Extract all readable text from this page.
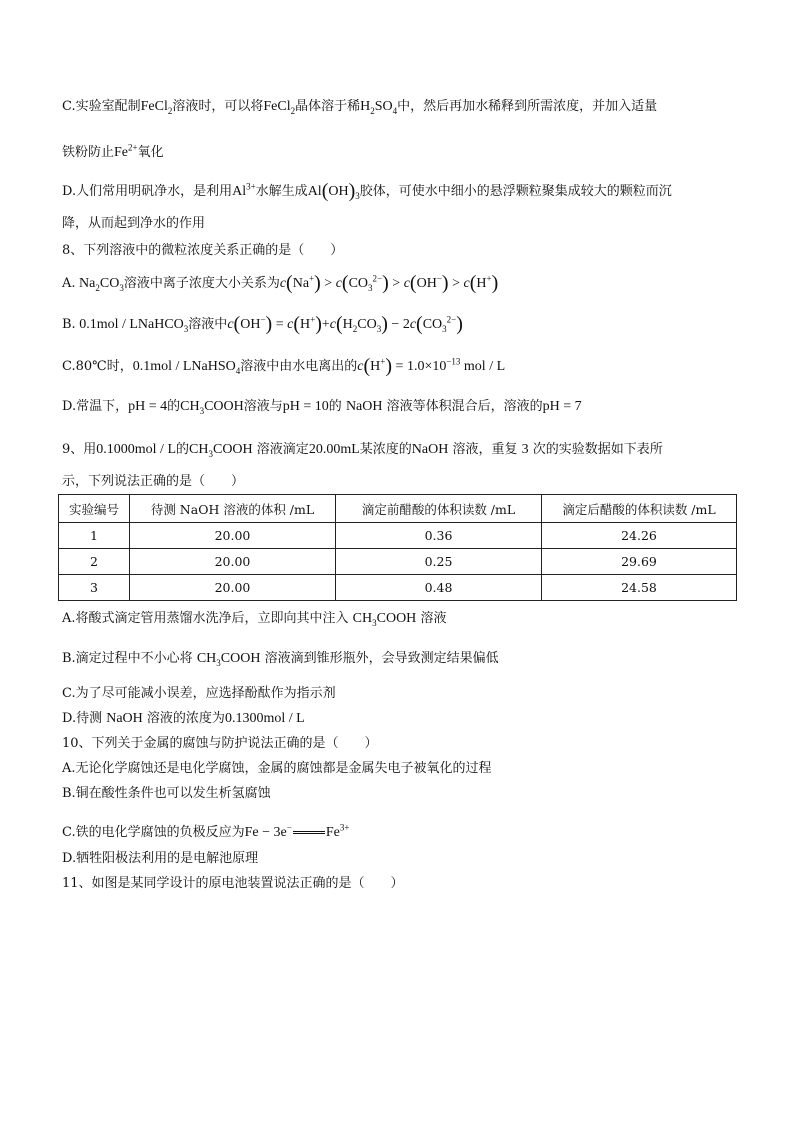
C.实验室配制FeCl$_2$溶液时，可以将FeCl$_2$晶体溶于稀$H_2SO_4$中，然后再加水稀释到所需浓度，并加入适量
铁粉防止$Fe^{2+}$氧化
D.人们常用明矾净水，是利用$Al^{3+}$水解生成$Al(OH)_3$胶体，可使水中细小的悬浮颗粒聚集成较大的颗粒而沉
降，从而起到净水的作用
8、下列溶液中的微粒浓度关系正确的是（　　）
A. $Na_2CO_3$溶液中离子浓度大小关系为$c(Na^+) > c(CO_3^{2-}) > c(OH^-) > c(H^+)$
B. 0.1mol / LNaHCO$_3$溶液中$c(OH^-) = c(H^+)+c(H_2CO_3) - 2c(CO_3^{2-})$
C.80℃时，0.1mol / LNaHSO$_4$溶液中由水电离出的$c(H^+) = 1.0\times 10^{-13}$ mol / L
D.常温下，pH = 4的$CH_3COOH$溶液与pH = 10的 NaOH 溶液等体积混合后，溶液的pH = 7
9、用0.1000mol / L的$CH_3COOH$ 溶液滴定20.00mL某浓度的NaOH 溶液，重复 3 次的实验数据如下表所
示，下列说法正确的是（　　）
实验编号	待测 NaOH 溶液的体积 /mL	滴定前醋酸的体积读数 /mL	滴定后醋酸的体积读数 /mL
1	20.00	0.36	24.26
2	20.00	0.25	29.69
3	20.00	0.48	24.58
A.将酸式滴定管用蒸馏水洗净后，立即向其中注入 $CH_3COOH$ 溶液
B.滴定过程中不小心将 $CH_3COOH$ 溶液滴到锥形瓶外，会导致测定结果偏低
C.为了尽可能减小误差，应选择酚酞作为指示剂
D.待测 NaOH 溶液的浓度为0.1300mol / L
10、下列关于金属的腐蚀与防护说法正确的是（　　）
A.无论化学腐蚀还是电化学腐蚀，金属的腐蚀都是金属失电子被氧化的过程
B.铜在酸性条件也可以发生析氢腐蚀
C.铁的电化学腐蚀的负极反应为Fe − 3e− $Fe^{3+}$
D.牺牲阳极法利用的是电解池原理
11、如图是某同学设计的原电池装置说法正确的是（　　）
